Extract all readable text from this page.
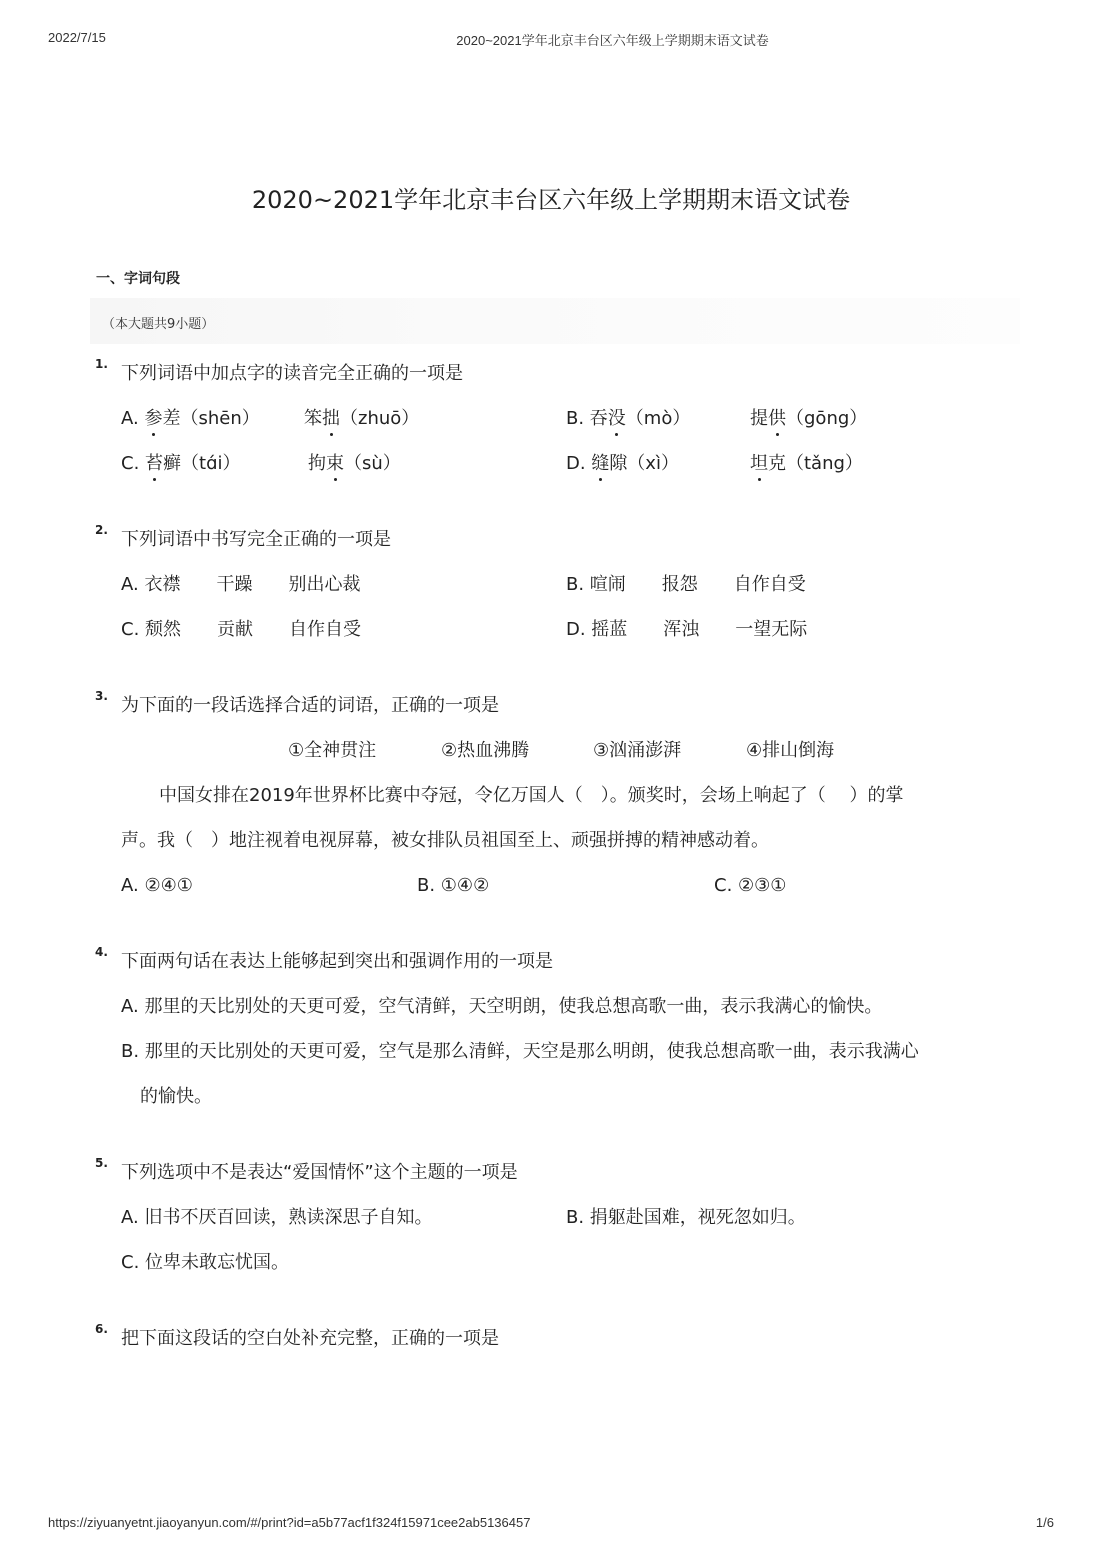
2022/7/15	2020~2021学年北京丰台区六年级上学期期末语文试卷
2020~2021学年北京丰台区六年级上学期期末语文试卷
一、字词句段
（本大题共9小题）
1. 下列词语中加点字的读音完全正确的一项是
A. 参差（shēn） 笨拙（zhuō）	B. 吞没（mò）	提供（gōng）
C. 苔癣（tɑ́i）	拘束（sù）	D. 缝隙（xì）	坦克（tǎng）
2. 下列词语中书写完全正确的一项是
A. 衣襟　　干躁　　别出心裁	B. 喧闹　　报怨　　自作自受
C. 颓然　　贡献　　自作自受	D. 摇蓝　　浑浊　　一望无际
3. 为下面的一段话选择合适的词语，正确的一项是
①全神贯注	②热血沸腾	③汹涌澎湃	④排山倒海
中国女排在2019年世界杯比赛中夺冠，令亿万国人（　）。颁奖时，会场上响起了（　 ）的掌
声。我（　）地注视着电视屏幕，被女排队员祖国至上、顽强拼搏的精神感动着。
A. ②④①	B. ①④②	C. ②③①
4. 下面两句话在表达上能够起到突出和强调作用的一项是
A. 那里的天比别处的天更可爱，空气清鲜，天空明朗，使我总想高歌一曲，表示我满心的愉快。
B. 那里的天比别处的天更可爱，空气是那么清鲜，天空是那么明朗，使我总想高歌一曲，表示我满心
的愉快。
5. 下列选项中不是表达“爱国情怀”这个主题的一项是
A. 旧书不厌百回读，熟读深思子自知。	B. 捐躯赴国难，视死忽如归。
C. 位卑未敢忘忧国。
6. 把下面这段话的空白处补充完整，正确的一项是
https://ziyuanyetnt.jiaoyanyun.com/#/print?id=a5b77acf1f324f15971cee2ab5136457	1/6
